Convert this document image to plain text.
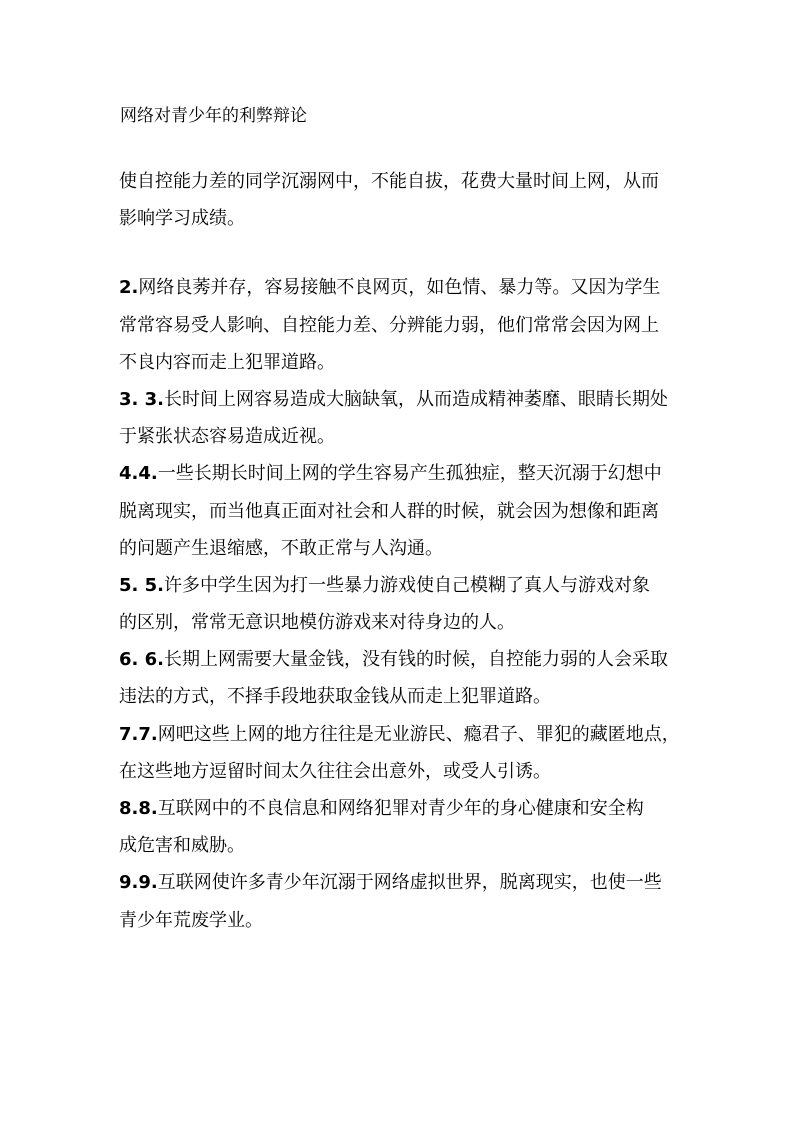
网络对青少年的利弊辩论

使自控能力差的同学沉溺网中，不能自拔，花费大量时间上网，从而
影响学习成绩。

2.网络良莠并存，容易接触不良网页，如色情、暴力等。又因为学生
常常容易受人影响、自控能力差、分辨能力弱，他们常常会因为网上
不良内容而走上犯罪道路。

3. 3.长时间上网容易造成大脑缺氧，从而造成精神萎靡、眼睛长期处
于紧张状态容易造成近视。

4.4.一些长期长时间上网的学生容易产生孤独症，整天沉溺于幻想中
脱离现实，而当他真正面对社会和人群的时候，就会因为想像和距离
的问题产生退缩感，不敢正常与人沟通。

5. 5.许多中学生因为打一些暴力游戏使自己模糊了真人与游戏对象
的区别，常常无意识地模仿游戏来对待身边的人。

6. 6.长期上网需要大量金钱，没有钱的时候，自控能力弱的人会采取
违法的方式，不择手段地获取金钱从而走上犯罪道路。

7.7.网吧这些上网的地方往往是无业游民、瘾君子、罪犯的藏匿地点，
在这些地方逗留时间太久往往会出意外，或受人引诱。

8.8.互联网中的不良信息和网络犯罪对青少年的身心健康和安全构
成危害和威胁。

9.9.互联网使许多青少年沉溺于网络虚拟世界，脱离现实，也使一些
青少年荒废学业。
